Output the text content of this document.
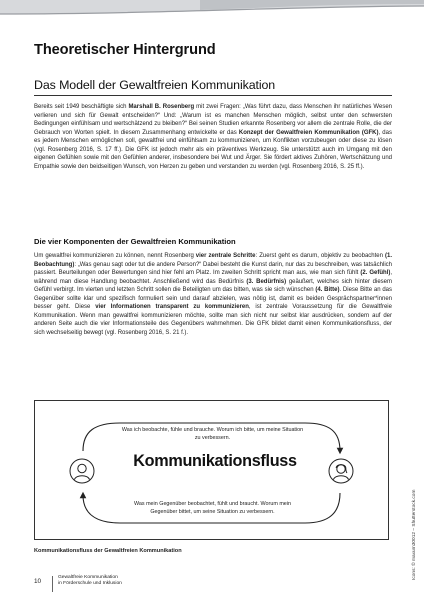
Theoretischer Hintergrund
Das Modell der Gewaltfreien Kommunikation

Bereits seit 1949 beschäftigte sich Marshall B. Rosenberg mit zwei Fragen: „Was führt dazu, dass Menschen ihr natürliches Wesen verlieren und sich für Gewalt entscheiden?“ Und: „Warum ist es manchen Menschen möglich, selbst unter den schwersten Bedingungen einfühlsam und wertschätzend zu bleiben?“ Bei seinen Studien erkannte Rosenberg vor allem die zentrale Rolle, die der Gebrauch von Worten spielt. In diesem Zusammenhang entwickelte er das Konzept der Gewaltfreien Kommunikation (GFK), das es jedem Menschen ermöglichen soll, gewaltfrei und einfühlsam zu kommunizieren, um Konflikten vorzubeugen oder diese zu lösen (vgl. Rosenberg 2016, S. 17 ff.). Die GFK ist jedoch mehr als ein präventives Werkzeug. Sie unterstützt auch im Umgang mit den eigenen Gefühlen sowie mit den Gefühlen anderer, insbesondere bei Wut und Ärger. Sie fördert aktives Zuhören, Wertschätzung und Empathie sowie den beidseitigen Wunsch, von Herzen zu geben und verstanden zu werden (vgl. Rosenberg 2016, S. 25 ff.).

Die vier Komponenten der Gewaltfreien Kommunikation

Um gewaltfrei kommunizieren zu können, nennt Rosenberg vier zentrale Schritte: Zuerst geht es darum, objektiv zu beobachten (1. Beobachtung): „Was genau sagt oder tut die andere Person?“ Dabei besteht die Kunst darin, nur das zu beschreiben, was tatsächlich passiert. Beurteilungen oder Bewertungen sind hier fehl am Platz. Im zweiten Schritt spricht man aus, wie man sich fühlt (2. Gefühl), während man diese Handlung beobachtet. Anschließend wird das Bedürfnis (3. Bedürfnis) geäußert, welches sich hinter diesem Gefühl verbirgt. Im vierten und letzten Schritt sollen die Beteiligten um das bitten, was sie sich wünschen (4. Bitte). Diese Bitte an das Gegenüber sollte klar und spezifisch formuliert sein und darauf abzielen, was nötig ist, damit es beiden Gesprächspartner*innen besser geht. Diese vier Informationen transparent zu kommunizieren, ist zentrale Voraussetzung für die Gewaltfreie Kommunikation. Wenn man gewaltfrei kommunizieren möchte, sollte man sich nicht nur selbst klar ausdrücken, sondern auf der anderen Seite auch die vier Informationsteile des Gegenübers wahrnehmen. Die GFK bildet damit einen Kommunikationsfluss, der sich wechselseitig bewegt (vgl. Rosenberg 2016, S. 21 f.).

Was ich beobachte, fühle und brauche. Worum ich bitte, um meine Situation zu verbessern.

Kommunikationsfluss

Was mein Gegenüber beobachtet, fühlt und braucht. Worum mein Gegenüber bittet, um seine Situation zu verbessern.

Kommunikationsfluss der Gewaltfreien Kommunikation	Icons: © maxum30012 – Shutterstock.com

10

Gewaltfreie Kommunikation
in Förderschule und Inklusion
